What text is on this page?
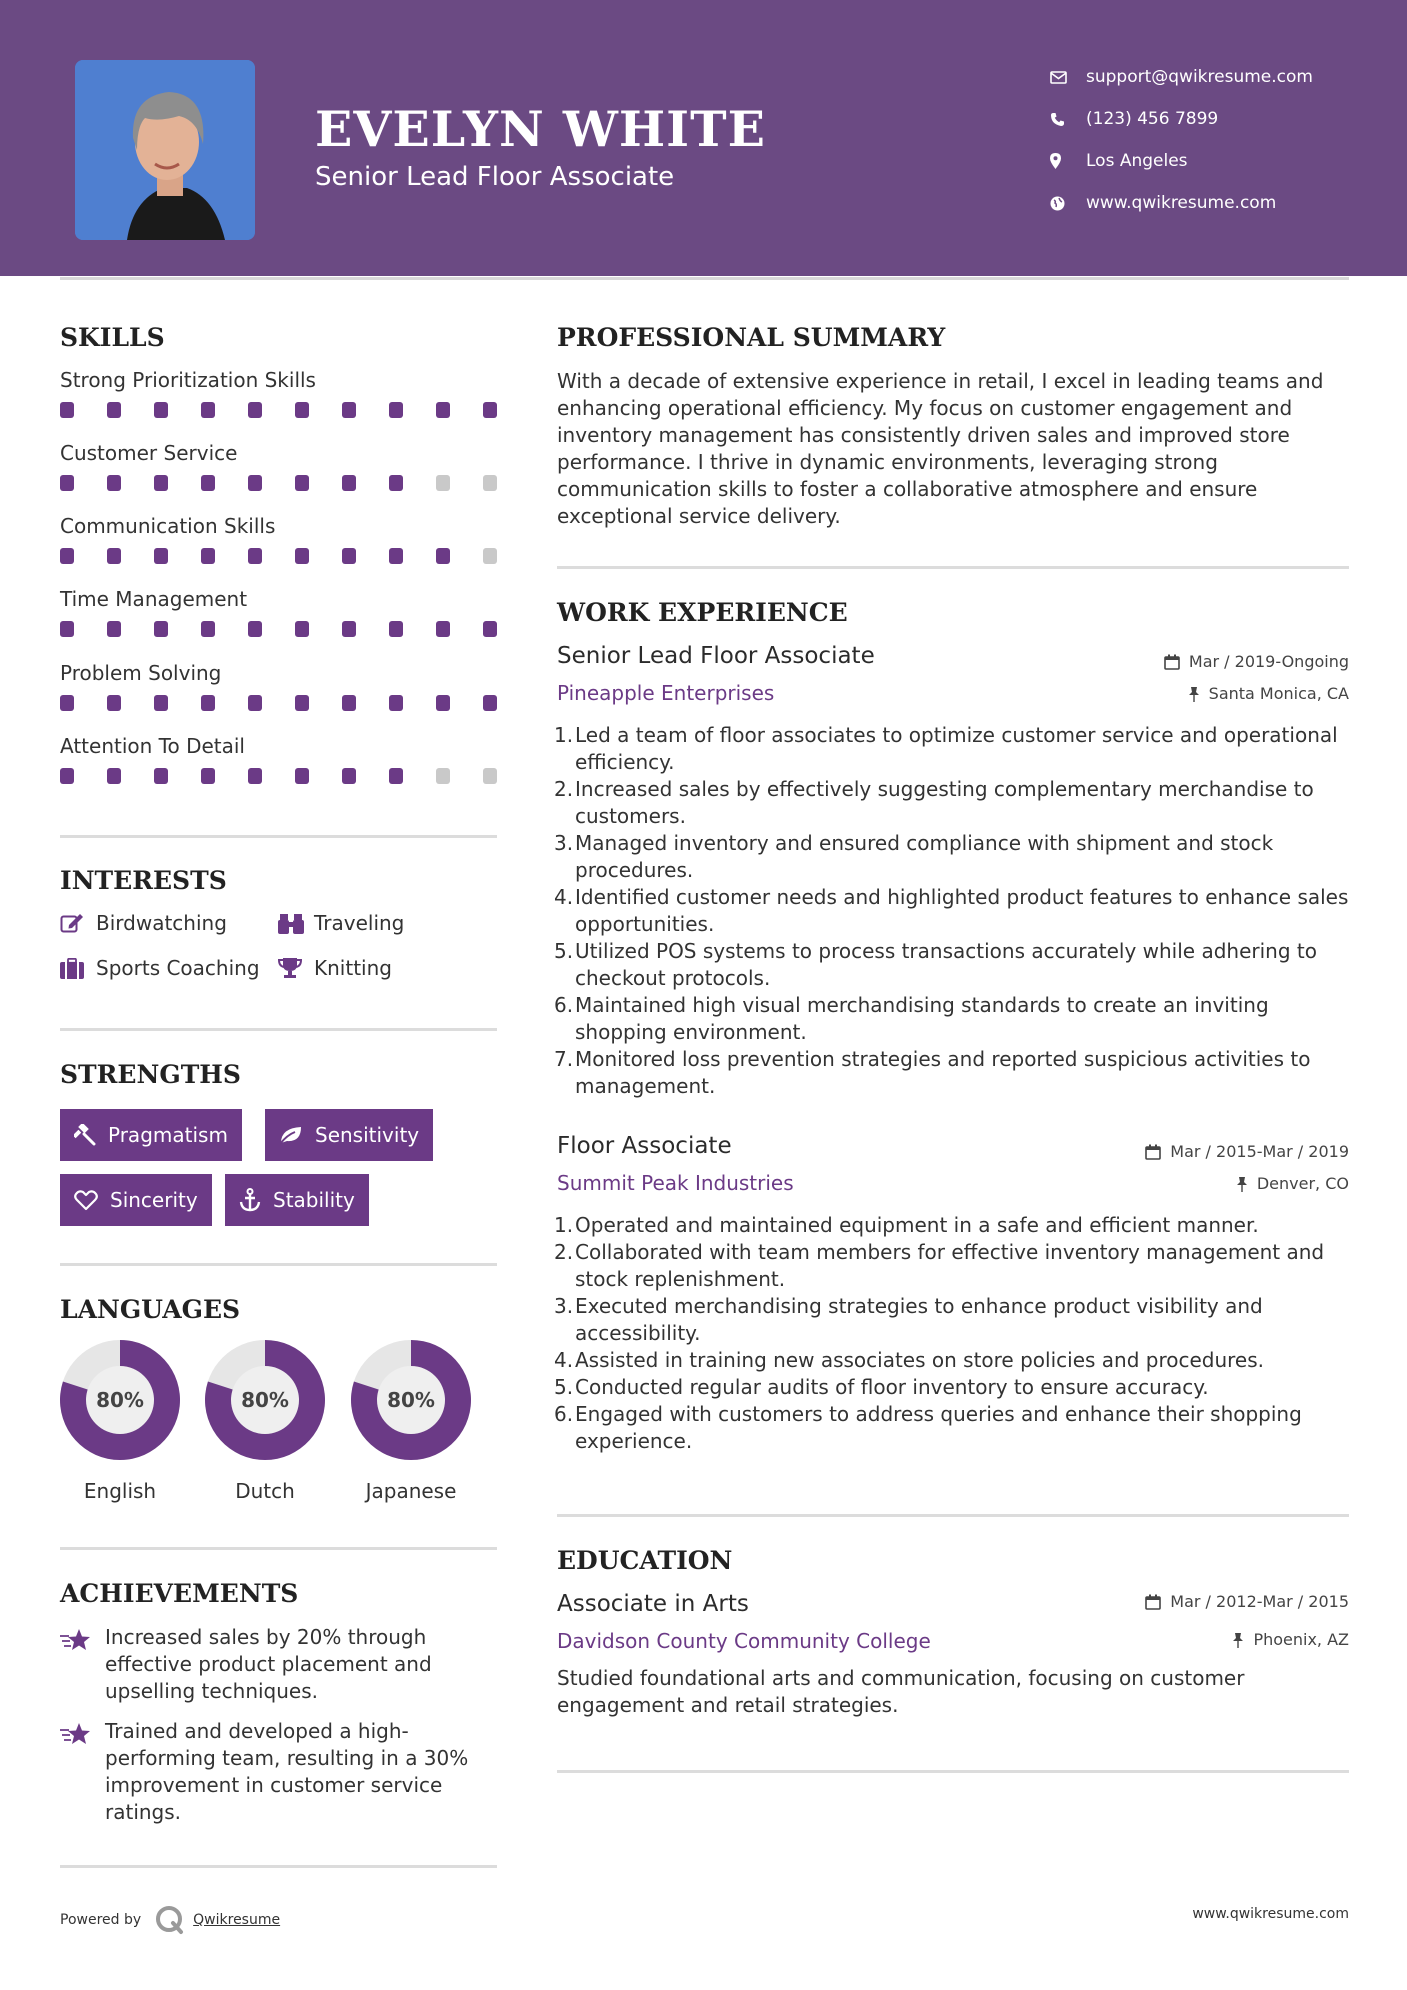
EVELYN WHITE
Senior Lead Floor Associate
support@qwikresume.com
(123) 456 7899
Los Angeles
www.qwikresume.com
SKILLS
Strong Prioritization Skills
Customer Service
Communication Skills
Time Management
Problem Solving
Attention To Detail
INTERESTS
Birdwatching	Traveling
Sports Coaching	Knitting
STRENGTHS
Pragmatism	Sensitivity
Sincerity	Stability
LANGUAGES
80%
English
80%
Dutch
80%
Japanese
ACHIEVEMENTS
Increased sales by 20% through effective product placement and upselling techniques.
Trained and developed a high-performing team, resulting in a 30% improvement in customer service ratings.
PROFESSIONAL SUMMARY
With a decade of extensive experience in retail, I excel in leading teams and enhancing operational efficiency. My focus on customer engagement and inventory management has consistently driven sales and improved store performance. I thrive in dynamic environments, leveraging strong communication skills to foster a collaborative atmosphere and ensure exceptional service delivery.
WORK EXPERIENCE
Senior Lead Floor Associate	Mar / 2019-Ongoing
Pineapple Enterprises	Santa Monica, CA
1. Led a team of floor associates to optimize customer service and operational efficiency.
2. Increased sales by effectively suggesting complementary merchandise to customers.
3. Managed inventory and ensured compliance with shipment and stock procedures.
4. Identified customer needs and highlighted product features to enhance sales opportunities.
5. Utilized POS systems to process transactions accurately while adhering to checkout protocols.
6. Maintained high visual merchandising standards to create an inviting shopping environment.
7. Monitored loss prevention strategies and reported suspicious activities to management.
Floor Associate	Mar / 2015-Mar / 2019
Summit Peak Industries	Denver, CO
1. Operated and maintained equipment in a safe and efficient manner.
2. Collaborated with team members for effective inventory management and stock replenishment.
3. Executed merchandising strategies to enhance product visibility and accessibility.
4. Assisted in training new associates on store policies and procedures.
5. Conducted regular audits of floor inventory to ensure accuracy.
6. Engaged with customers to address queries and enhance their shopping experience.
EDUCATION
Associate in Arts	Mar / 2012-Mar / 2015
Davidson County Community College	Phoenix, AZ
Studied foundational arts and communication, focusing on customer engagement and retail strategies.
Powered by	Qwikresume	www.qwikresume.com
